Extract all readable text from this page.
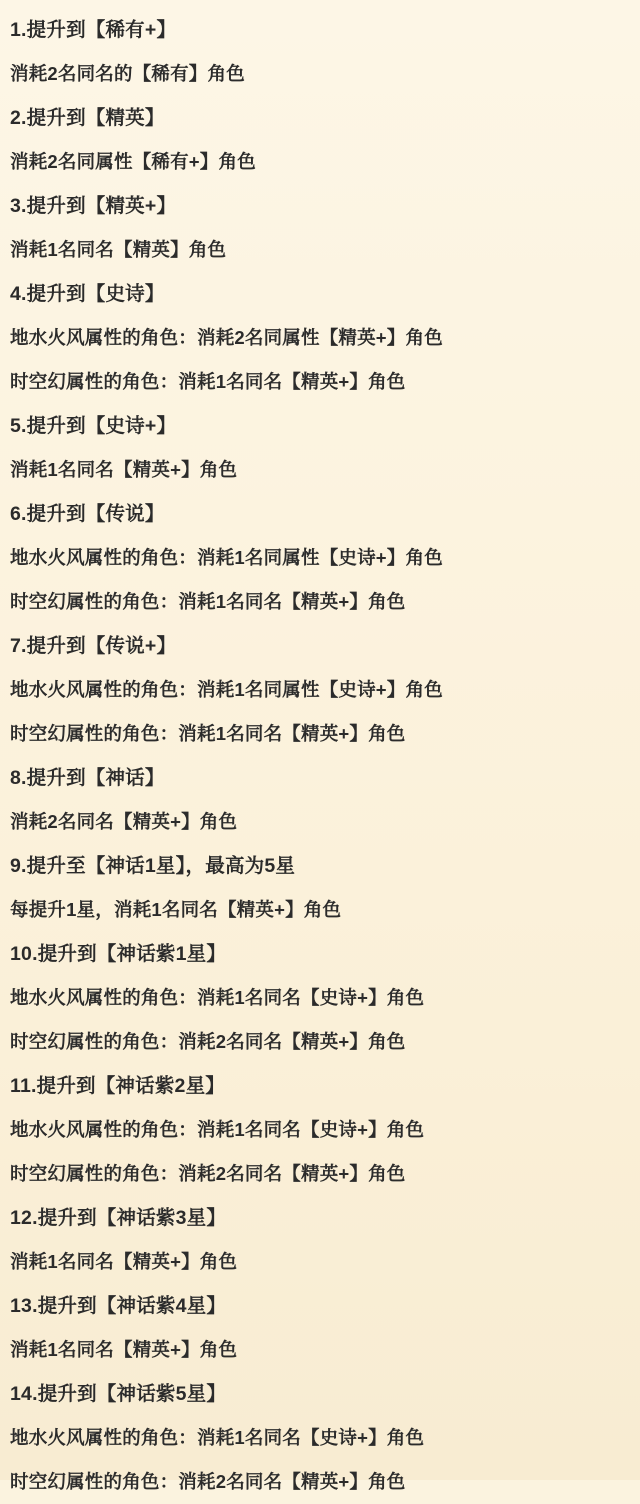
1.提升到【稀有+】
消耗2名同名的【稀有】角色
2.提升到【精英】
消耗2名同属性【稀有+】角色
3.提升到【精英+】
消耗1名同名【精英】角色
4.提升到【史诗】
地水火风属性的角色：消耗2名同属性【精英+】角色
时空幻属性的角色：消耗1名同名【精英+】角色
5.提升到【史诗+】
消耗1名同名【精英+】角色
6.提升到【传说】
地水火风属性的角色：消耗1名同属性【史诗+】角色
时空幻属性的角色：消耗1名同名【精英+】角色
7.提升到【传说+】
地水火风属性的角色：消耗1名同属性【史诗+】角色
时空幻属性的角色：消耗1名同名【精英+】角色
8.提升到【神话】
消耗2名同名【精英+】角色
9.提升至【神话1星】，最高为5星
每提升1星，消耗1名同名【精英+】角色
10.提升到【神话紫1星】
地水火风属性的角色：消耗1名同名【史诗+】角色
时空幻属性的角色：消耗2名同名【精英+】角色
11.提升到【神话紫2星】
地水火风属性的角色：消耗1名同名【史诗+】角色
时空幻属性的角色：消耗2名同名【精英+】角色
12.提升到【神话紫3星】
消耗1名同名【精英+】角色
13.提升到【神话紫4星】
消耗1名同名【精英+】角色
14.提升到【神话紫5星】
地水火风属性的角色：消耗1名同名【史诗+】角色
时空幻属性的角色：消耗2名同名【精英+】角色
